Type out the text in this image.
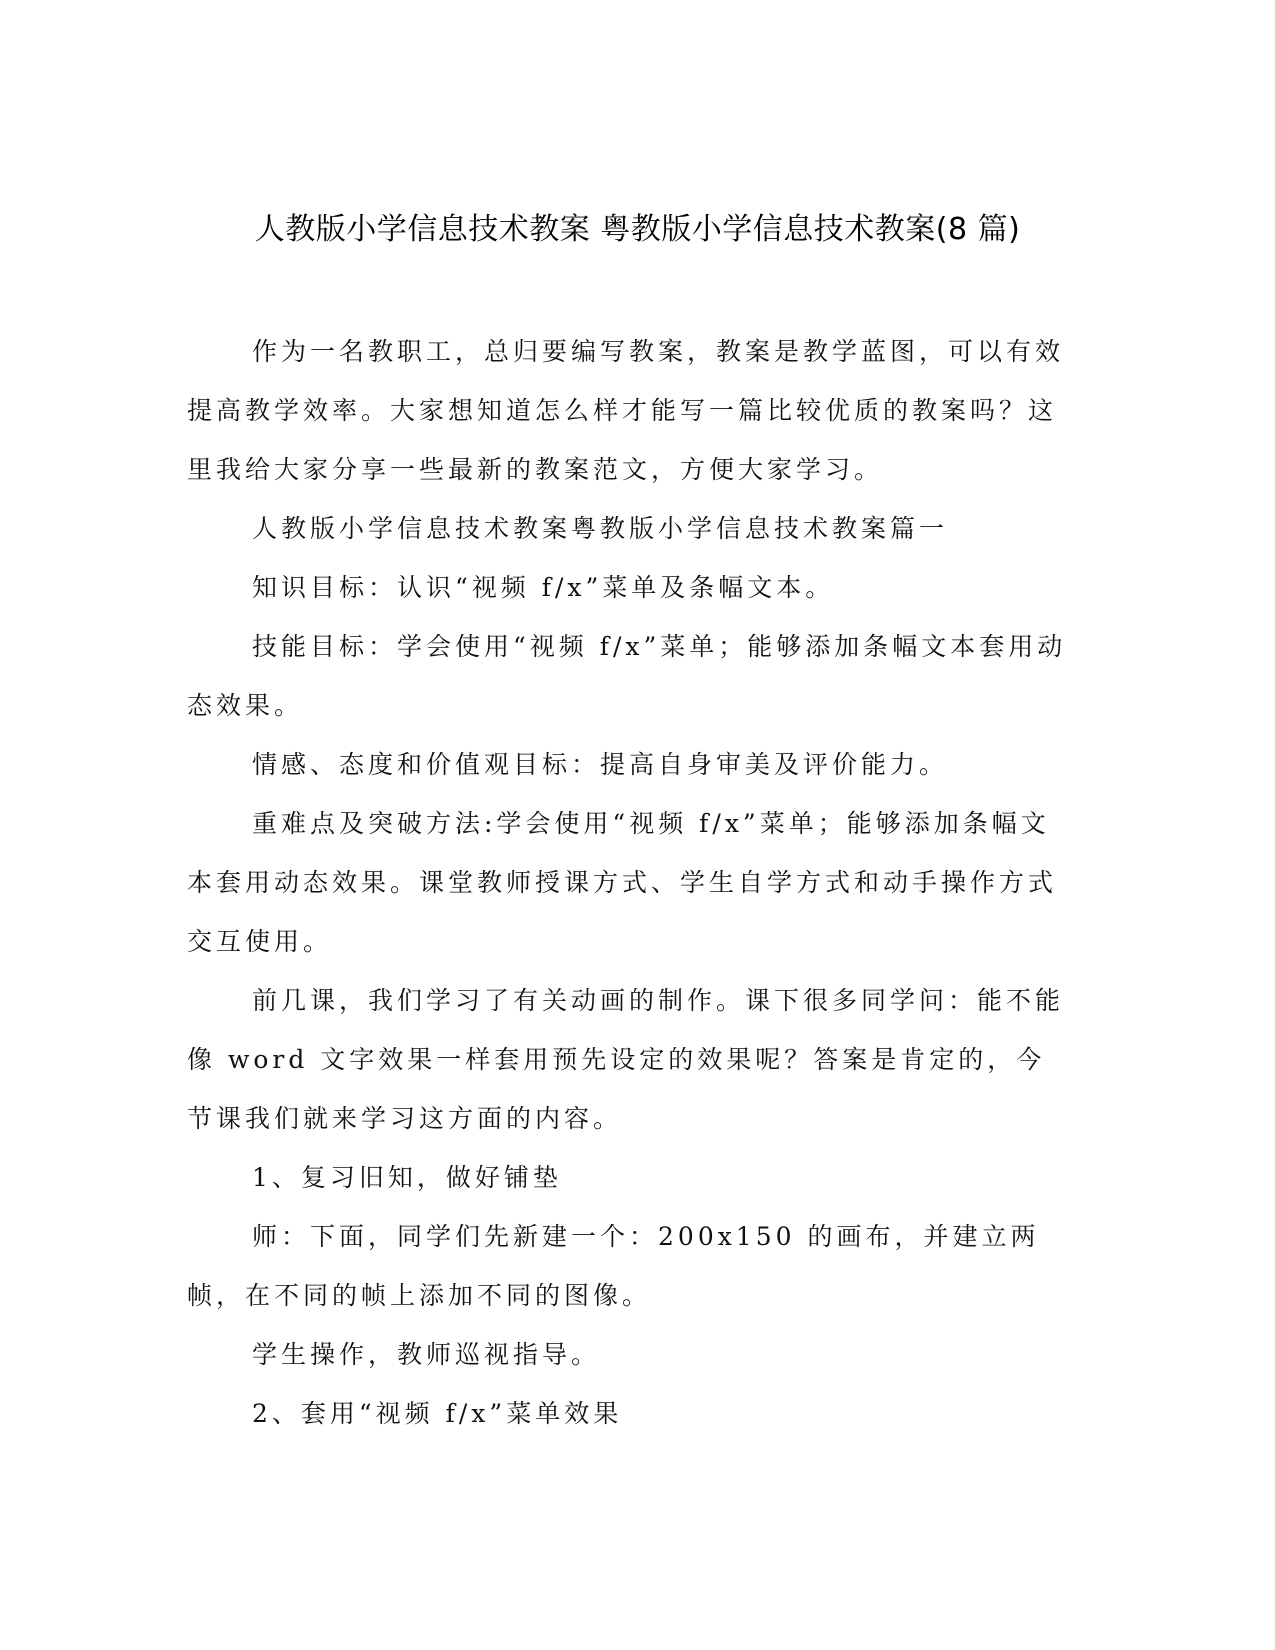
人教版小学信息技术教案 粤教版小学信息技术教案(8 篇)

作为一名教职工，总归要编写教案，教案是教学蓝图，可以有效提高教学效率。大家想知道怎么样才能写一篇比较优质的教案吗？这里我给大家分享一些最新的教案范文，方便大家学习。

人教版小学信息技术教案粤教版小学信息技术教案篇一

知识目标：认识“视频 f/x”菜单及条幅文本。

技能目标：学会使用“视频 f/x”菜单；能够添加条幅文本套用动态效果。

情感、态度和价值观目标：提高自身审美及评价能力。

重难点及突破方法:学会使用“视频 f/x”菜单；能够添加条幅文本套用动态效果。课堂教师授课方式、学生自学方式和动手操作方式交互使用。

前几课，我们学习了有关动画的制作。课下很多同学问：能不能像 word 文字效果一样套用预先设定的效果呢？答案是肯定的，今节课我们就来学习这方面的内容。

1、复习旧知，做好铺垫

师：下面，同学们先新建一个：200x150 的画布，并建立两帧，在不同的帧上添加不同的图像。

学生操作，教师巡视指导。

2、套用“视频 f/x”菜单效果
